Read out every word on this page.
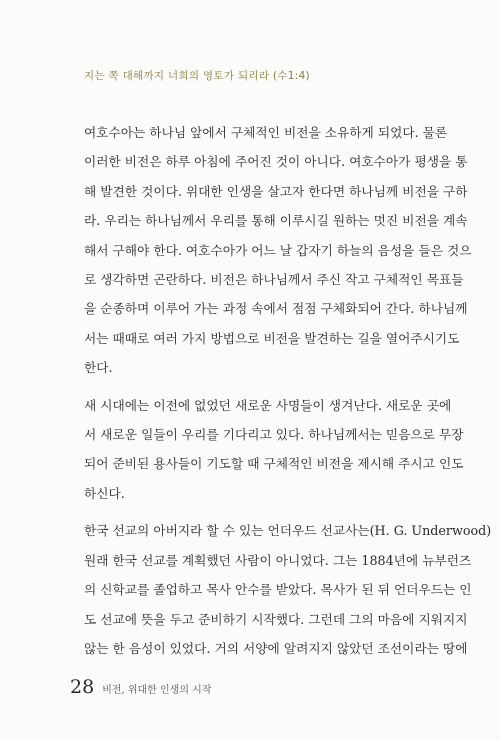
지는 쪽 대해까지 너희의 영토가 되리라 (수1:4)

여호수아는 하나님 앞에서 구체적인 비전을 소유하게 되었다. 물론
이러한 비전은 하루 아침에 주어진 것이 아니다. 여호수아가 평생을 통
해 발견한 것이다. 위대한 인생을 살고자 한다면 하나님께 비전을 구하
라. 우리는 하나님께서 우리를 통해 이루시길 원하는 멋진 비전을 계속
해서 구해야 한다. 여호수아가 어느 날 갑자기 하늘의 음성을 들은 것으
로 생각하면 곤란하다. 비전은 하나님께서 주신 작고 구체적인 목표들
을 순종하며 이루어 가는 과정 속에서 점점 구체화되어 간다. 하나님께
서는 때때로 여러 가지 방법으로 비전을 발견하는 길을 열어주시기도
한다.

새 시대에는 이전에 없었던 새로운 사명들이 생겨난다. 새로운 곳에
서 새로운 일들이 우리를 기다리고 있다. 하나님께서는 믿음으로 무장
되어 준비된 용사들이 기도할 때 구체적인 비전을 제시해 주시고 인도
하신다.

한국 선교의 아버지라 할 수 있는 언더우드 선교사는(H. G. Underwood)
원래 한국 선교를 계획했던 사람이 아니었다. 그는 1884년에 뉴부런즈
의 신학교를 졸업하고 목사 안수를 받았다. 목사가 된 뒤 언더우드는 인
도 선교에 뜻을 두고 준비하기 시작했다. 그런데 그의 마음에 지워지지
않는 한 음성이 있었다. 거의 서양에 알려지지 않았던 조선이라는 땅에

28 비전, 위대한 인생의 시작
